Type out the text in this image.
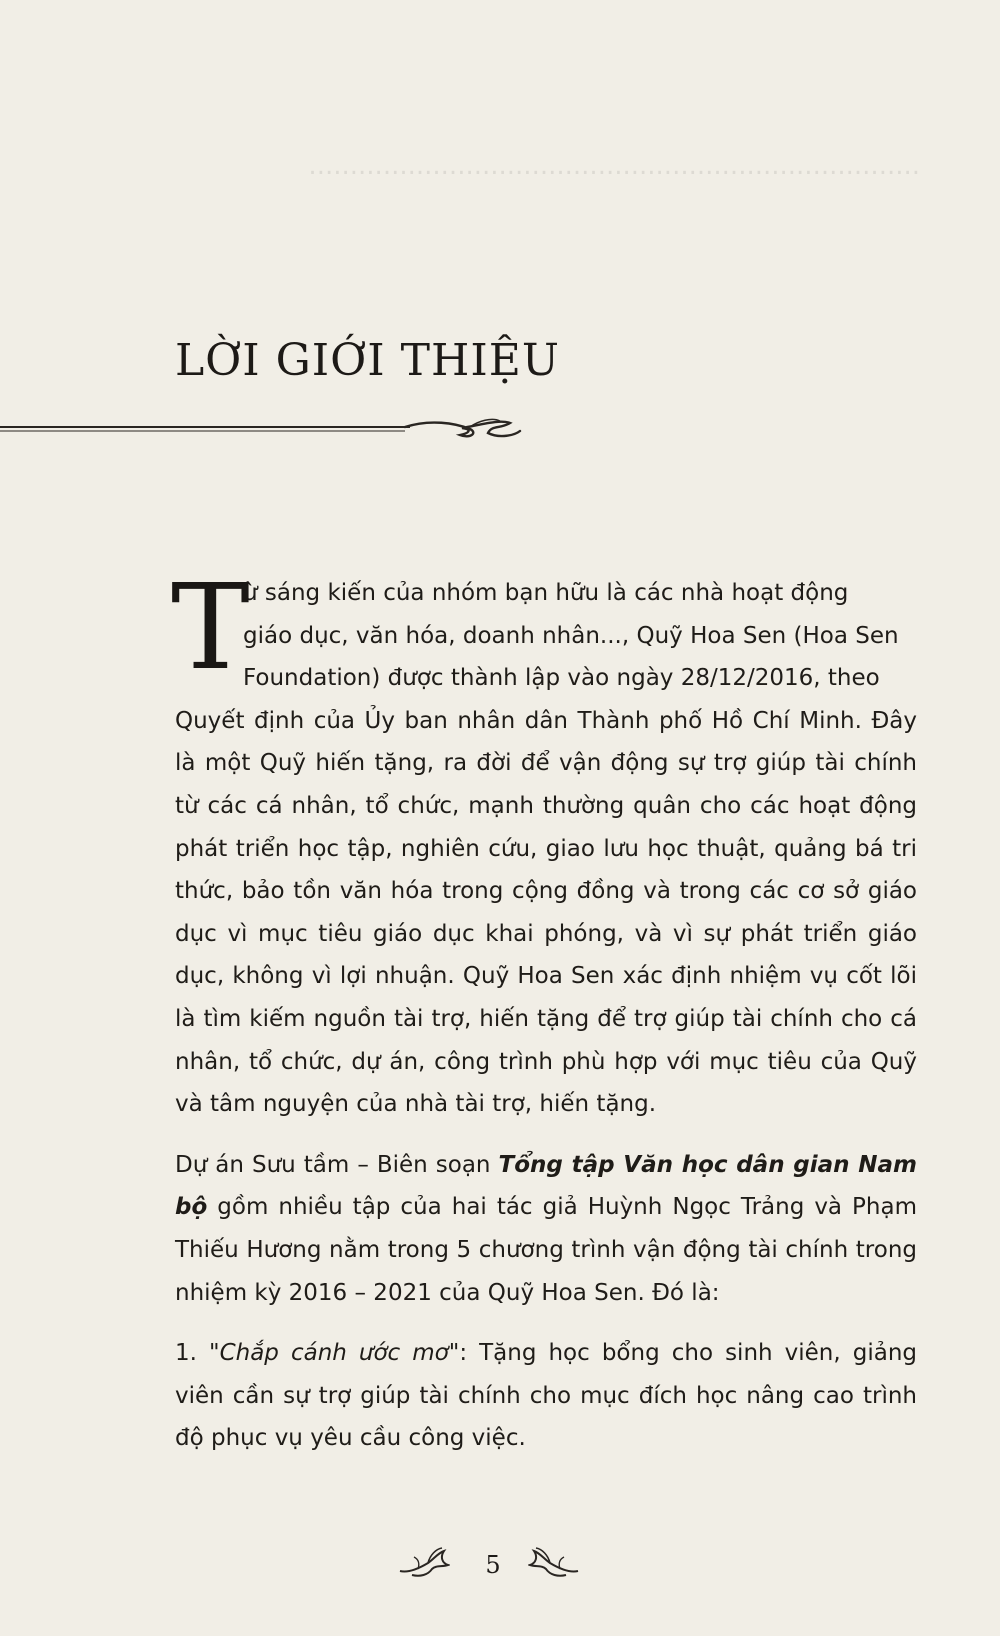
..........................................................................
LỜI GIỚI THIỆU

T
ừ sáng kiến của nhóm bạn hữu là các nhà hoạt động
giáo dục, văn hóa, doanh nhân..., Quỹ Hoa Sen (Hoa Sen
Foundation) được thành lập vào ngày 28/12/2016, theo
Quyết định của Ủy ban nhân dân Thành phố Hồ Chí Minh. Đây là một Quỹ hiến tặng, ra đời để vận động sự trợ giúp tài chính từ các cá nhân, tổ chức, mạnh thường quân cho các hoạt động phát triển học tập, nghiên cứu, giao lưu học thuật, quảng bá tri thức, bảo tồn văn hóa trong cộng đồng và trong các cơ sở giáo dục vì mục tiêu giáo dục khai phóng, và vì sự phát triển giáo dục, không vì lợi nhuận. Quỹ Hoa Sen xác định nhiệm vụ cốt lõi là tìm kiếm nguồn tài trợ, hiến tặng để trợ giúp tài chính cho cá nhân, tổ chức, dự án, công trình phù hợp với mục tiêu của Quỹ và tâm nguyện của nhà tài trợ, hiến tặng.

Dự án Sưu tầm – Biên soạn Tổng tập Văn học dân gian Nam bộ gồm nhiều tập của hai tác giả Huỳnh Ngọc Trảng và Phạm Thiếu Hương nằm trong 5 chương trình vận động tài chính trong nhiệm kỳ 2016 – 2021 của Quỹ Hoa Sen. Đó là:

1. "Chắp cánh ước mơ": Tặng học bổng cho sinh viên, giảng viên cần sự trợ giúp tài chính cho mục đích học nâng cao trình độ phục vụ yêu cầu công việc.

5
